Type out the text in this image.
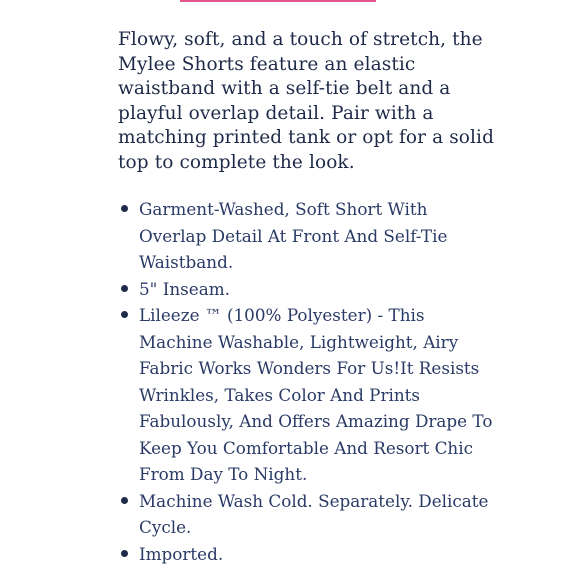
Flowy, soft, and a touch of stretch, the Mylee Shorts feature an elastic waistband with a self-tie belt and a playful overlap detail. Pair with a matching printed tank or opt for a solid top to complete the look.

Garment-Washed, Soft Short With Overlap Detail At Front And Self-Tie Waistband.
5" Inseam.
Lileeze ™ (100% Polyester) - This Machine Washable, Lightweight, Airy Fabric Works Wonders For Us!It Resists Wrinkles, Takes Color And Prints Fabulously, And Offers Amazing Drape To Keep You Comfortable And Resort Chic From Day To Night.
Machine Wash Cold. Separately. Delicate Cycle.
Imported.
